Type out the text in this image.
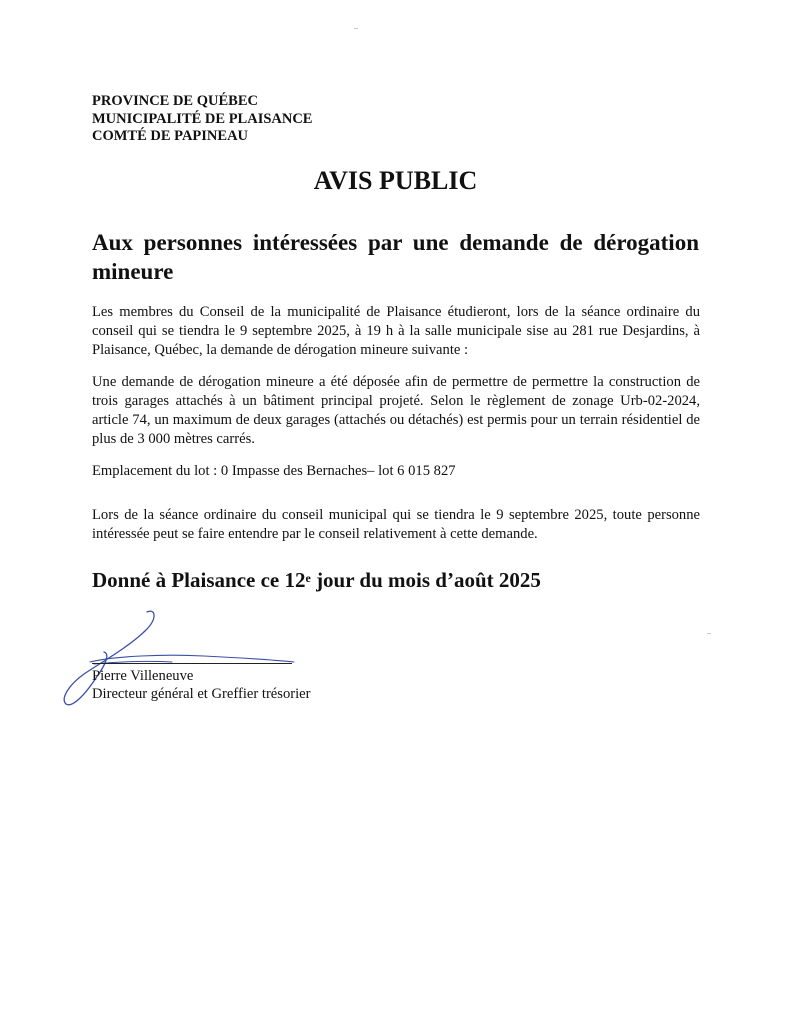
PROVINCE DE QUÉBEC
MUNICIPALITÉ DE PLAISANCE
COMTÉ DE PAPINEAU
AVIS PUBLIC
Aux personnes intéressées par une demande de dérogation mineure

Les membres du Conseil de la municipalité de Plaisance étudieront, lors de la séance ordinaire du conseil qui se tiendra le 9 septembre 2025, à 19 h à la salle municipale sise au 281 rue Desjardins, à Plaisance, Québec, la demande de dérogation mineure suivante :

Une demande de dérogation mineure a été déposée afin de permettre de permettre la construction de trois garages attachés à un bâtiment principal projeté. Selon le règlement de zonage Urb-02-2024, article 74, un maximum de deux garages (attachés ou détachés) est permis pour un terrain résidentiel de plus de 3 000 mètres carrés.

Emplacement du lot : 0 Impasse des Bernaches– lot 6 015 827

Lors de la séance ordinaire du conseil municipal qui se tiendra le 9 septembre 2025, toute personne intéressée peut se faire entendre par le conseil relativement à cette demande.

Donné à Plaisance ce 12e jour du mois d’août 2025
Pierre Villeneuve
Directeur général et Greffier trésorier
